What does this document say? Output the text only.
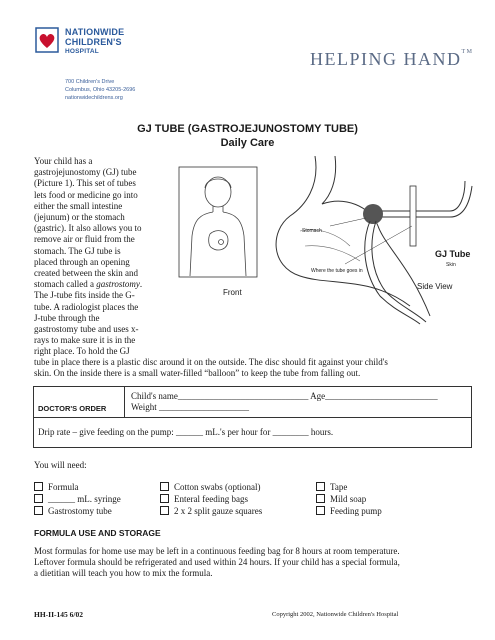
NATIONWIDE
CHILDREN'S
HOSPITAL
700 Children's Drive
Columbus, Ohio 43205-2696
nationwidechildrens.org
HELPING HAND™
GJ TUBE (GASTROJEJUNOSTOMY TUBE)
Daily Care
Your child has a
gastrojejunostomy (GJ) tube
(Picture 1). This set of tubes
lets food or medicine go into
either the small intestine
(jejunum) or the stomach
(gastric). It also allows you to
remove air or fluid from the
stomach. The GJ tube is
placed through an opening
created between the skin and
stomach called a gastrostomy.
The J-tube fits inside the G-
tube. A radiologist places the
J-tube through the
gastrostomy tube and uses x-
rays to make sure it is in the
right place. To hold the GJ
tube in place there is a plastic disc around it on the outside. The disc should fit against your child's
skin. On the inside there is a small water-filled “balloon” to keep the tube from falling out.
Front
Stomach
Where the tube goes in
GJ Tube
Skin
Side View
DOCTOR'S ORDER
Child's name_____________________________ Age_________________________
Weight ____________________
Drip rate – give feeding on the pump: ______ mL.'s per hour for ________ hours.
You will need:
Formula
______ mL. syringe
Gastrostomy tube
Cotton swabs (optional)
Enteral feeding bags
2 x 2 split gauze squares
Tape
Mild soap
Feeding pump
FORMULA USE AND STORAGE
Most formulas for home use may be left in a continuous feeding bag for 8 hours at room temperature.
Leftover formula should be refrigerated and used within 24 hours. If your child has a special formula,
a dietitian will teach you how to mix the formula.
HH-II-145 6/02	Copyright 2002, Nationwide Children's Hospital
